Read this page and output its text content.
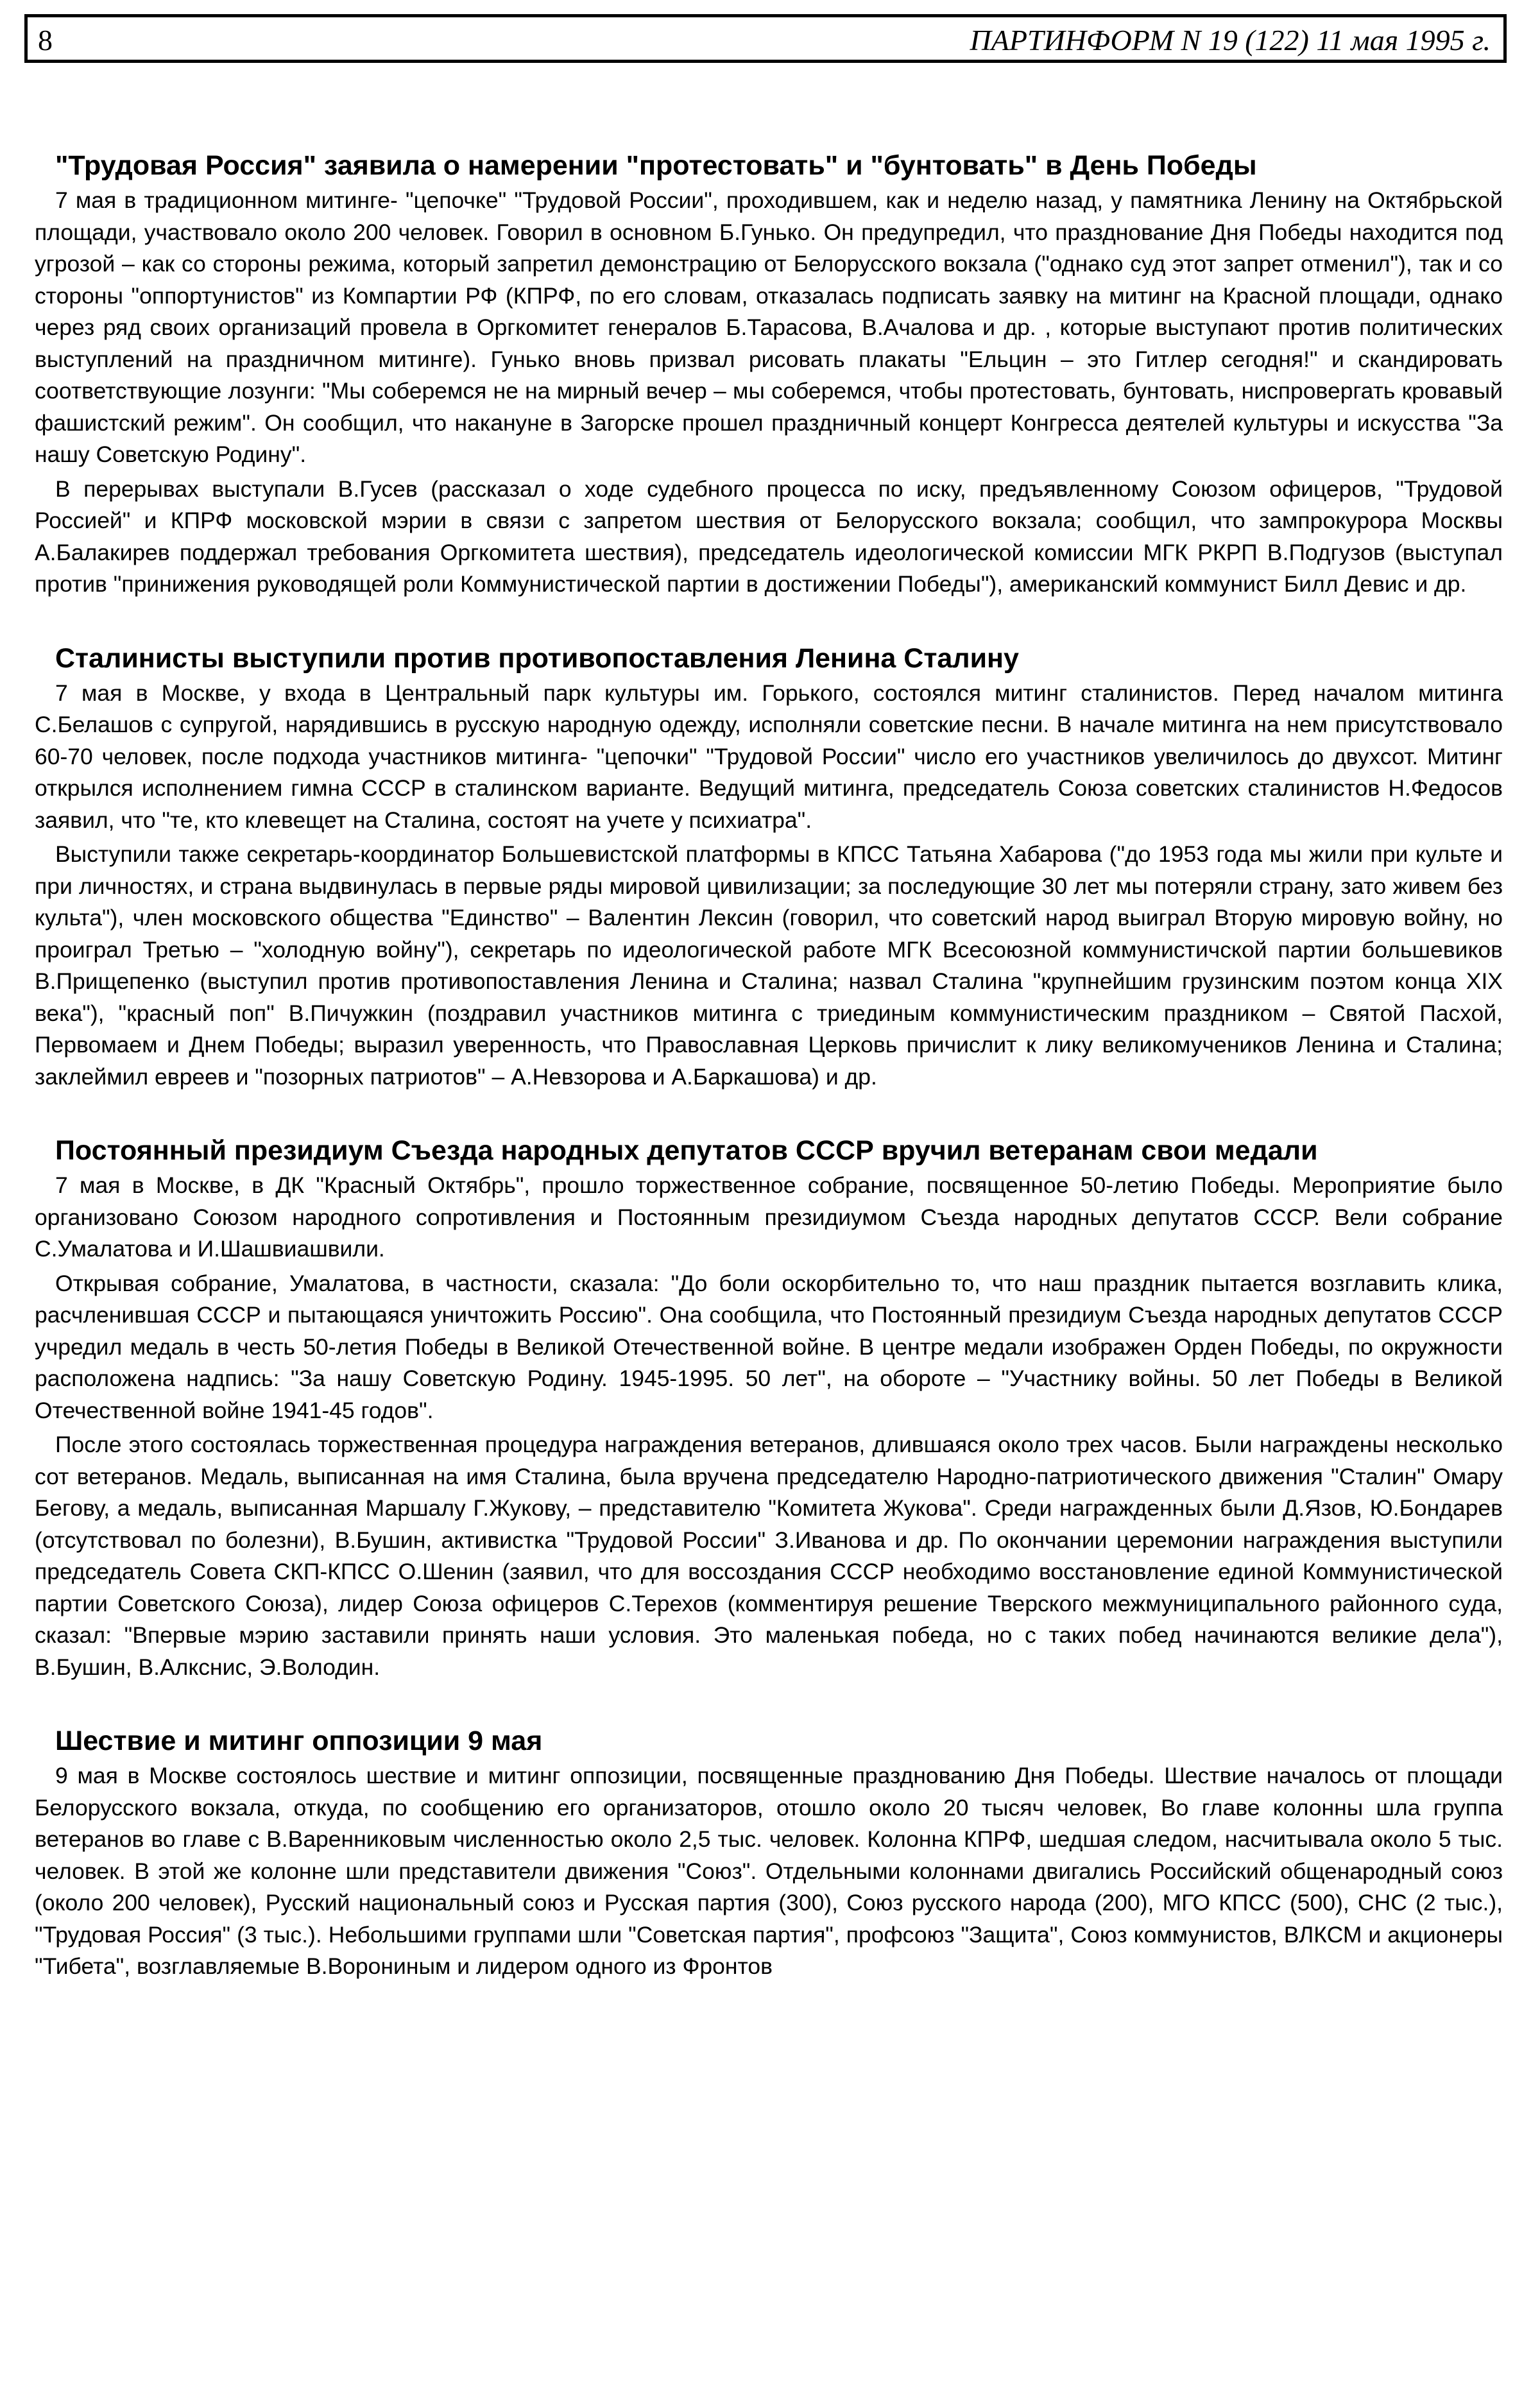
8	ПАРТИНФОРМ N 19 (122) 11 мая 1995 г.
"Трудовая Россия" заявила о намерении "протестовать" и "бунтовать" в День Победы

7 мая в традиционном митинге- "цепочке" "Трудовой России", проходившем, как и неделю назад, у памятника Ленину на Октябрьской площади, участвовало около 200 человек. Говорил в основном Б.Гунько. Он предупредил, что празднование Дня Победы находится под угрозой – как со стороны режима, который запретил демонстрацию от Белорусского вокзала ("однако суд этот запрет отменил"), так и со стороны "оппортунистов" из Компартии РФ (КПРФ, по его словам, отказалась подписать заявку на митинг на Красной площади, однако через ряд своих организаций провела в Оргкомитет генералов Б.Тарасова, В.Ачалова и др. , которые выступают против политических выступлений на праздничном митинге). Гунько вновь призвал рисовать плакаты "Ельцин – это Гитлер сегодня!" и скандировать соответствующие лозунги: "Мы соберемся не на мирный вечер – мы соберемся, чтобы протестовать, бунтовать, ниспровергать кровавый фашистский режим". Он сообщил, что накануне в Загорске прошел праздничный концерт Конгресса деятелей культуры и искусства "За нашу Советскую Родину".

В перерывах выступали В.Гусев (рассказал о ходе судебного процесса по иску, предъявленному Союзом офицеров, "Трудовой Россией" и КПРФ московской мэрии в связи с запретом шествия от Белорусского вокзала; сообщил, что зампрокурора Москвы А.Балакирев поддержал требования Оргкомитета шествия), председатель идеологической комиссии МГК РКРП В.Подгузов (выступал против "принижения руководящей роли Коммунистической партии в достижении Победы"), американский коммунист Билл Девис и др.

Сталинисты выступили против противопоставления Ленина Сталину

7 мая в Москве, у входа в Центральный парк культуры им. Горького, состоялся митинг сталинистов. Перед началом митинга С.Белашов с супругой, нарядившись в русскую народную одежду, исполняли советские песни. В начале митинга на нем присутствовало 60-70 человек, после подхода участников митинга- "цепочки" "Трудовой России" число его участников увеличилось до двухсот. Митинг открылся исполнением гимна СССР в сталинском варианте. Ведущий митинга, председатель Союза советских сталинистов Н.Федосов заявил, что "те, кто клевещет на Сталина, состоят на учете у психиатра".

Выступили также секретарь-координатор Большевистской платформы в КПСС Татьяна Хабарова ("до 1953 года мы жили при культе и при личностях, и страна выдвинулась в первые ряды мировой цивилизации; за последующие 30 лет мы потеряли страну, зато живем без культа"), член московского общества "Единство" – Валентин Лексин (говорил, что советский народ выиграл Вторую мировую войну, но проиграл Третью – "холодную войну"), секретарь по идеологической работе МГК Всесоюзной коммунистичской партии большевиков В.Прищепенко (выступил против противопоставления Ленина и Сталина; назвал Сталина "крупнейшим грузинским поэтом конца XIX века"), "красный поп" В.Пичужкин (поздравил участников митинга с триединым коммунистическим праздником – Святой Пасхой, Первомаем и Днем Победы; выразил уверенность, что Православная Церковь причислит к лику великомучеников Ленина и Сталина; заклеймил евреев и "позорных патриотов" – А.Невзорова и А.Баркашова) и др.

Постоянный президиум Съезда народных депутатов СССР вручил ветеранам свои медали

7 мая в Москве, в ДК "Красный Октябрь", прошло торжественное собрание, посвященное 50-летию Победы. Мероприятие было организовано Союзом народного сопротивления и Постоянным президиумом Съезда народных депутатов СССР. Вели собрание С.Умалатова и И.Шашвиашвили.

Открывая собрание, Умалатова, в частности, сказала: "До боли оскорбительно то, что наш праздник пытается возглавить клика, расчленившая СССР и пытающаяся уничтожить Россию". Она сообщила, что Постоянный президиум Съезда народных депутатов СССР учредил медаль в честь 50-летия Победы в Великой Отечественной войне. В центре медали изображен Орден Победы, по окружности расположена надпись: "За нашу Советскую Родину. 1945-1995. 50 лет", на обороте – "Участнику войны. 50 лет Победы в Великой Отечественной войне 1941-45 годов".

После этого состоялась торжественная процедура награждения ветеранов, длившаяся около трех часов. Были награждены несколько сот ветеранов. Медаль, выписанная на имя Сталина, была вручена председателю Народно-патриотического движения "Сталин" Омару Бегову, а медаль, выписанная Маршалу Г.Жукову, – представителю "Комитета Жукова". Среди награжденных были Д.Язов, Ю.Бондарев (отсутствовал по болезни), В.Бушин, активистка "Трудовой России" З.Иванова и др. По окончании церемонии награждения выступили председатель Совета СКП-КПСС О.Шенин (заявил, что для воссоздания СССР необходимо восстановление единой Коммунистической партии Советского Союза), лидер Союза офицеров С.Терехов (комментируя решение Тверского межмуниципального районного суда, сказал: "Впервые мэрию заставили принять наши условия. Это маленькая победа, но с таких побед начинаются великие дела"), В.Бушин, В.Алкснис, Э.Володин.

Шествие и митинг оппозиции 9 мая

9 мая в Москве состоялось шествие и митинг оппозиции, посвященные празднованию Дня Победы. Шествие началось от площади Белорусского вокзала, откуда, по сообщению его организаторов, отошло около 20 тысяч человек, Во главе колонны шла группа ветеранов во главе с В.Варенниковым численностью около 2,5 тыс. человек. Колонна КПРФ, шедшая следом, насчитывала около 5 тыс. человек. В этой же колонне шли представители движения "Союз". Отдельными колоннами двигались Российский общенародный союз (около 200 человек), Русский национальный союз и Русская партия (300), Союз русского народа (200), МГО КПСС (500), СНС (2 тыс.), "Трудовая Россия" (3 тыс.). Небольшими группами шли "Советская партия", профсоюз "Защита", Союз коммунистов, ВЛКСМ и акционеры "Тибета", возглавляемые В.Ворониным и лидером одного из Фронтов
